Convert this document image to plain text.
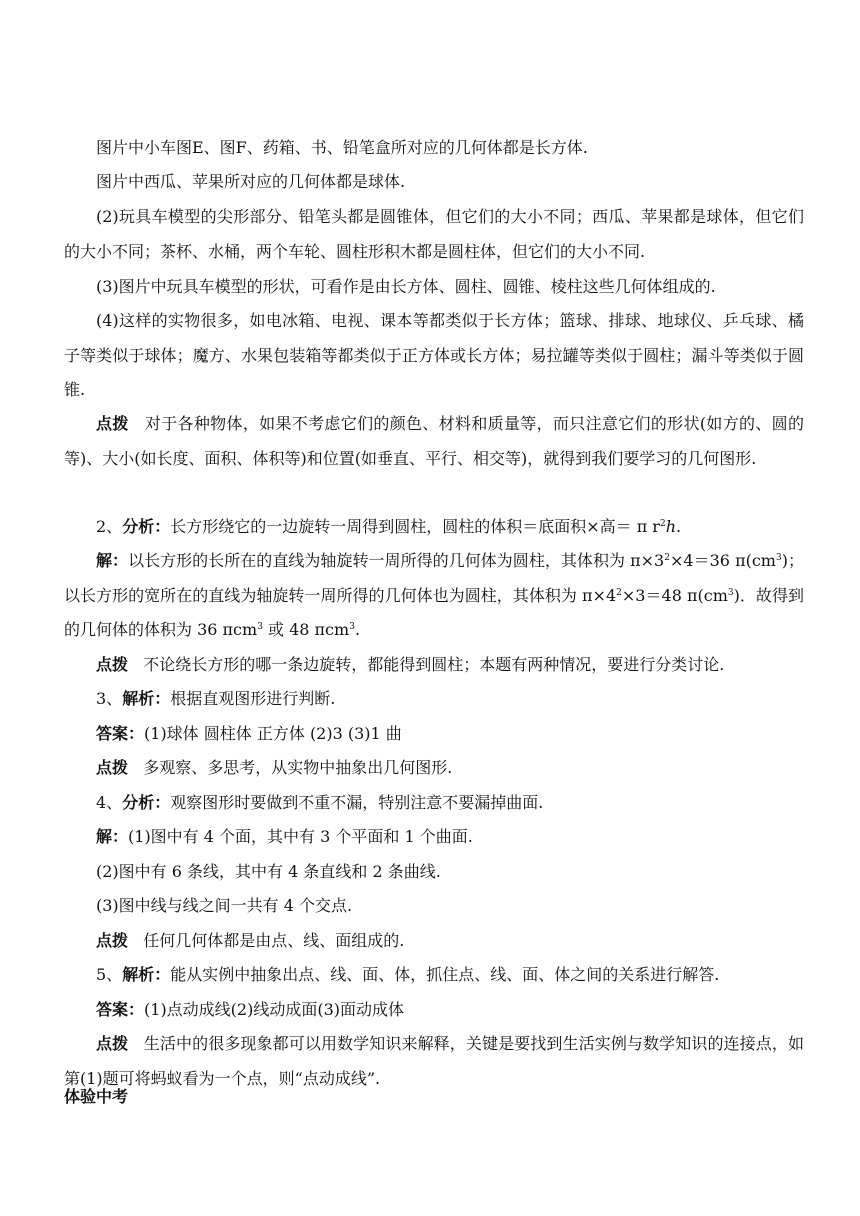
图片中小车图E、图F、药箱、书、铅笔盒所对应的几何体都是长方体.

图片中西瓜、苹果所对应的几何体都是球体.

(2)玩具车模型的尖形部分、铅笔头都是圆锥体，但它们的大小不同；西瓜、苹果都是球体，但它们的大小不同；茶杯、水桶，两个车轮、圆柱形积木都是圆柱体，但它们的大小不同.

(3)图片中玩具车模型的形状，可看作是由长方体、圆柱、圆锥、棱柱这些几何体组成的.

(4)这样的实物很多，如电冰箱、电视、课本等都类似于长方体；篮球、排球、地球仪、乒乓球、橘子等类似于球体；魔方、水果包装箱等都类似于正方体或长方体；易拉罐等类似于圆柱；漏斗等类似于圆锥.

点拨 对于各种物体，如果不考虑它们的颜色、材料和质量等，而只注意它们的形状(如方的、圆的等)、大小(如长度、面积、体积等)和位置(如垂直、平行、相交等)，就得到我们要学习的几何图形.

2、分析：长方形绕它的一边旋转一周得到圆柱，圆柱的体积＝底面积×高＝ π $r^2h$.

解：以长方形的长所在的直线为轴旋转一周所得的几何体为圆柱，其体积为 $\pi\times 3^2\times 4=36$ $\pi(cm^3)$；以长方形的宽所在的直线为轴旋转一周所得的几何体也为圆柱，其体积为 $\pi\times 4^2\times 3=48$ $\pi(cm^3)$．故得到的几何体的体积为 36 πcm$^3$ 或 48 πcm$^3$.

点拨 不论绕长方形的哪一条边旋转，都能得到圆柱；本题有两种情况，要进行分类讨论.

3、解析：根据直观图形进行判断.

答案：(1)球体 圆柱体 正方体 (2)3 (3)1 曲

点拨 多观察、多思考，从实物中抽象出几何图形.

4、分析：观察图形时要做到不重不漏，特别注意不要漏掉曲面.

解：(1)图中有 4 个面，其中有 3 个平面和 1 个曲面.

(2)图中有 6 条线，其中有 4 条直线和 2 条曲线.

(3)图中线与线之间一共有 4 个交点.

点拨 任何几何体都是由点、线、面组成的.

5、解析：能从实例中抽象出点、线、面、体，抓住点、线、面、体之间的关系进行解答.

答案：(1)点动成线(2)线动成面(3)面动成体

点拨 生活中的很多现象都可以用数学知识来解释，关键是要找到生活实例与数学知识的连接点，如第(1)题可将蚂蚁看为一个点，则“点动成线”.

体验中考
